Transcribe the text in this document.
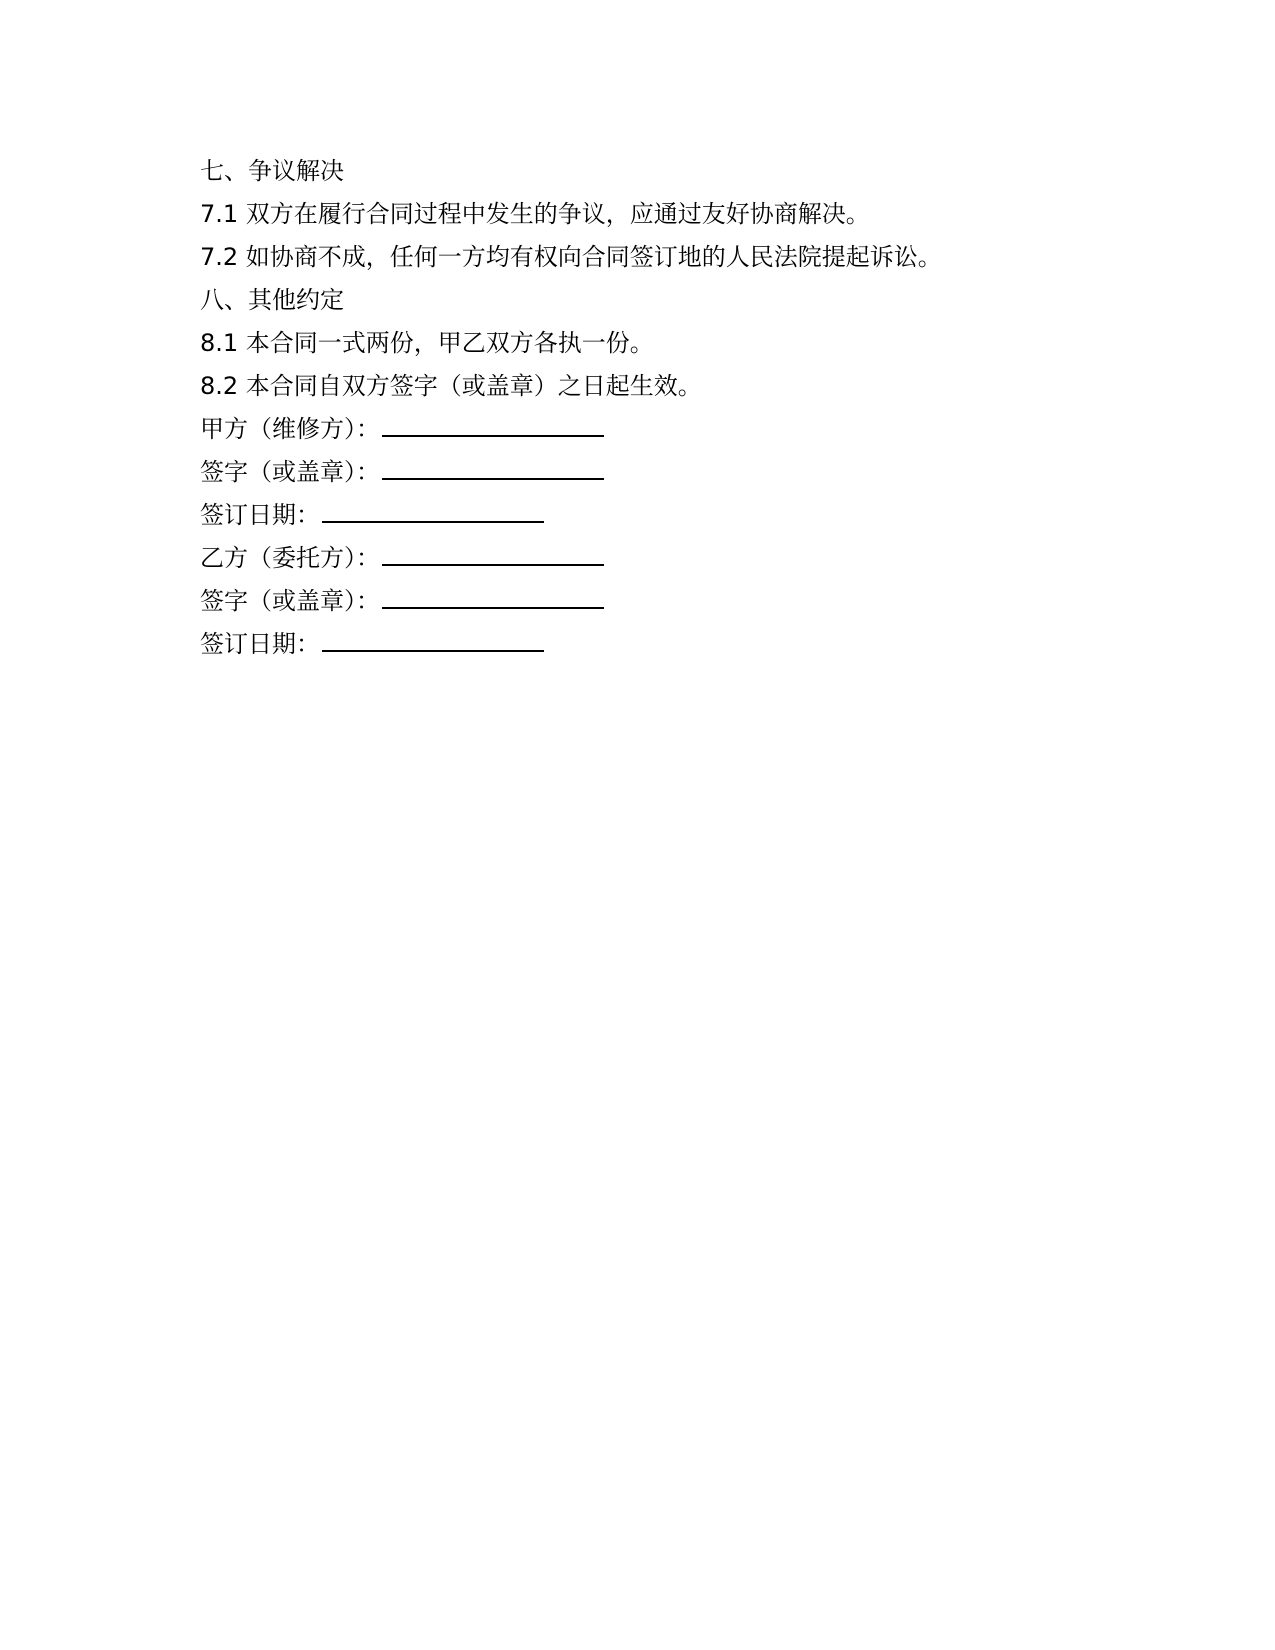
七、争议解决
7.1 双方在履行合同过程中发生的争议，应通过友好协商解决。
7.2 如协商不成，任何一方均有权向合同签订地的人民法院提起诉讼。
八、其他约定
8.1 本合同一式两份，甲乙双方各执一份。
8.2 本合同自双方签字（或盖章）之日起生效。
甲方（维修方）：
签字（或盖章）：
签订日期：
乙方（委托方）：
签字（或盖章）：
签订日期：
